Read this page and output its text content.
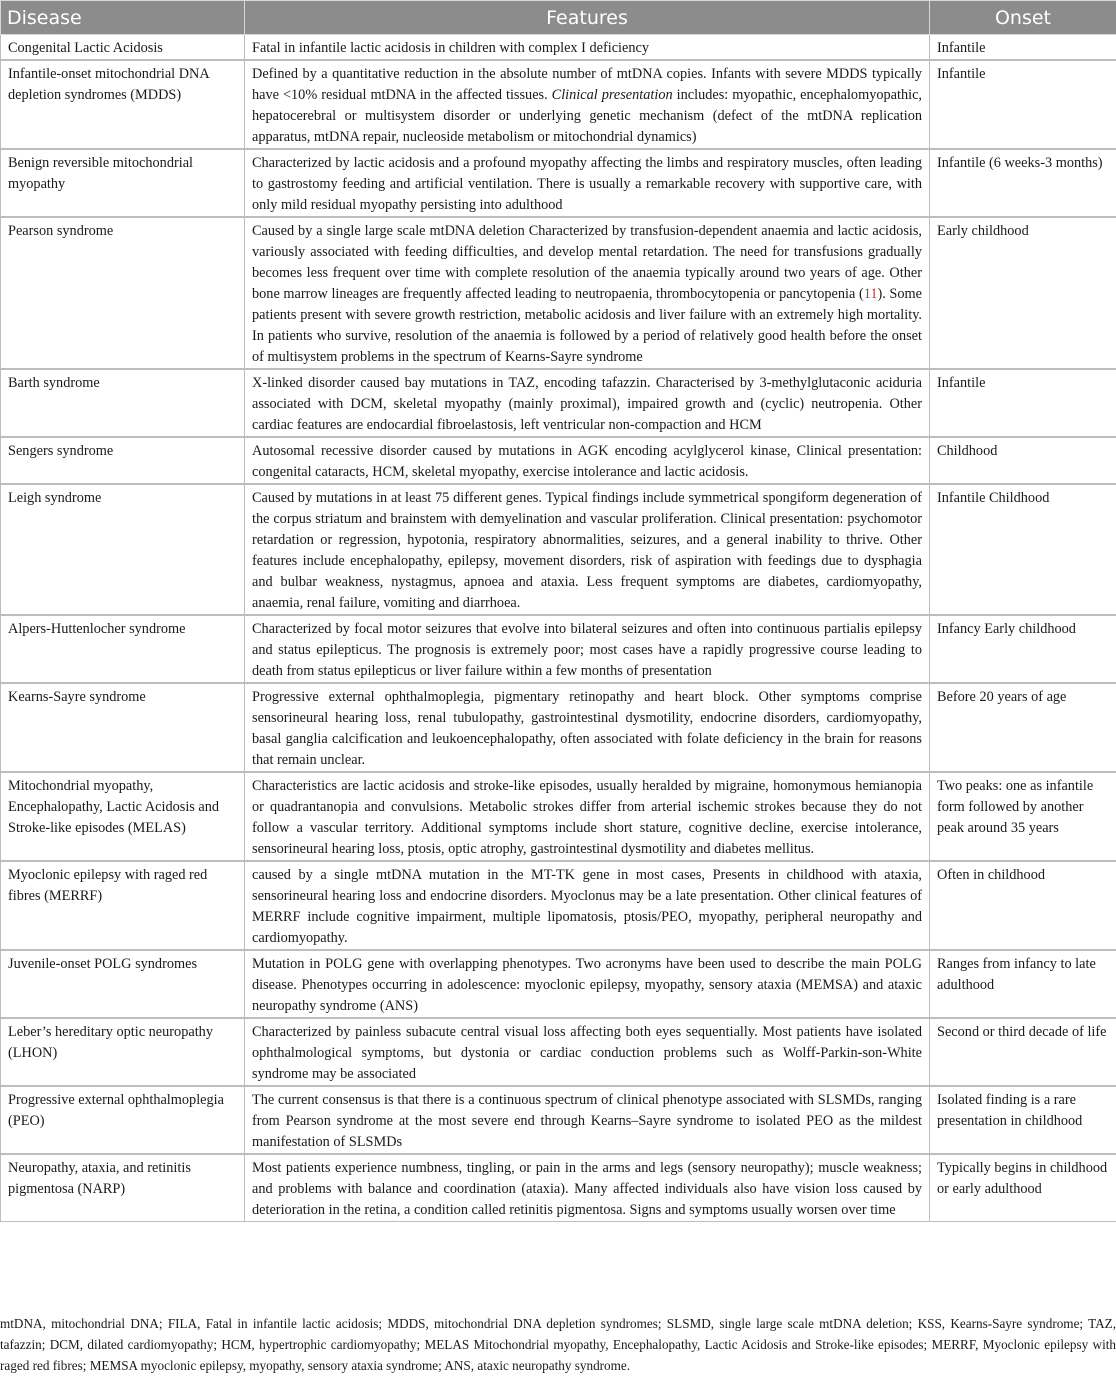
Disease	Features	Onset
Congenital Lactic Acidosis	Fatal in infantile lactic acidosis in children with complex I deficiency	Infantile
Infantile-onset mitochondrial DNA depletion syndromes (MDDS)	Defined by a quantitative reduction in the absolute number of mtDNA copies. Infants with severe MDDS typically have <10% residual mtDNA in the affected tissues. Clinical presentation includes: myopathic, encephalomyopathic, hepatocerebral or multisystem disorder or underlying genetic mechanism (defect of the mtDNA replication apparatus, mtDNA repair, nucleoside metabolism or mitochondrial dynamics)	Infantile
Benign reversible mitochondrial myopathy	Characterized by lactic acidosis and a profound myopathy affecting the limbs and respiratory muscles, often leading to gastrostomy feeding and artificial ventilation. There is usually a remarkable recovery with supportive care, with only mild residual myopathy persisting into adulthood	Infantile (6 weeks-3 months)
Pearson syndrome	Caused by a single large scale mtDNA deletion Characterized by transfusion-dependent anaemia and lactic acidosis, variously associated with feeding difficulties, and develop mental retardation. The need for transfusions gradually becomes less frequent over time with complete resolution of the anaemia typically around two years of age. Other bone marrow lineages are frequently affected leading to neutropaenia, thrombocytopenia or pancytopenia (11). Some patients present with severe growth restriction, metabolic acidosis and liver failure with an extremely high mortality. In patients who survive, resolution of the anaemia is followed by a period of relatively good health before the onset of multisystem problems in the spectrum of Kearns-Sayre syndrome	Early childhood
Barth syndrome	X-linked disorder caused bay mutations in TAZ, encoding tafazzin. Characterised by 3-methylglutaconic aciduria associated with DCM, skeletal myopathy (mainly proximal), impaired growth and (cyclic) neutropenia. Other cardiac features are endocardial fibroelastosis, left ventricular non-compaction and HCM	Infantile
Sengers syndrome	Autosomal recessive disorder caused by mutations in AGK encoding acylglycerol kinase, Clinical presentation: congenital cataracts, HCM, skeletal myopathy, exercise intolerance and lactic acidosis.	Childhood
Leigh syndrome	Caused by mutations in at least 75 different genes. Typical findings include symmetrical spongiform degeneration of the corpus striatum and brainstem with demyelination and vascular proliferation. Clinical presentation: psychomotor retardation or regression, hypotonia, respiratory abnormalities, seizures, and a general inability to thrive. Other features include encephalopathy, epilepsy, movement disorders, risk of aspiration with feedings due to dysphagia and bulbar weakness, nystagmus, apnoea and ataxia. Less frequent symptoms are diabetes, cardiomyopathy, anaemia, renal failure, vomiting and diarrhoea.	Infantile Childhood
Alpers-Huttenlocher syndrome	Characterized by focal motor seizures that evolve into bilateral seizures and often into continuous partialis epilepsy and status epilepticus. The prognosis is extremely poor; most cases have a rapidly progressive course leading to death from status epilepticus or liver failure within a few months of presentation	Infancy Early childhood
Kearns-Sayre syndrome	Progressive external ophthalmoplegia, pigmentary retinopathy and heart block. Other symptoms comprise sensorineural hearing loss, renal tubulopathy, gastrointestinal dysmotility, endocrine disorders, cardiomyopathy, basal ganglia calcification and leukoencephalopathy, often associated with folate deficiency in the brain for reasons that remain unclear.	Before 20 years of age
Mitochondrial myopathy, Encephalopathy, Lactic Acidosis and Stroke-like episodes (MELAS)	Characteristics are lactic acidosis and stroke-like episodes, usually heralded by migraine, homonymous hemianopia or quadrantanopia and convulsions. Metabolic strokes differ from arterial ischemic strokes because they do not follow a vascular territory. Additional symptoms include short stature, cognitive decline, exercise intolerance, sensorineural hearing loss, ptosis, optic atrophy, gastrointestinal dysmotility and diabetes mellitus.	Two peaks: one as infantile form followed by another peak around 35 years
Myoclonic epilepsy with raged red fibres (MERRF)	caused by a single mtDNA mutation in the MT-TK gene in most cases, Presents in childhood with ataxia, sensorineural hearing loss and endocrine disorders. Myoclonus may be a late presentation. Other clinical features of MERRF include cognitive impairment, multiple lipomatosis, ptosis/PEO, myopathy, peripheral neuropathy and cardiomyopathy.	Often in childhood
Juvenile-onset POLG syndromes	Mutation in POLG gene with overlapping phenotypes. Two acronyms have been used to describe the main POLG disease. Phenotypes occurring in adolescence: myoclonic epilepsy, myopathy, sensory ataxia (MEMSA) and ataxic neuropathy syndrome (ANS)	Ranges from infancy to late adulthood
Leber’s hereditary optic neuropathy (LHON)	Characterized by painless subacute central visual loss affecting both eyes sequentially. Most patients have isolated ophthalmological symptoms, but dystonia or cardiac conduction problems such as Wolff-Parkin-son-White syndrome may be associated	Second or third decade of life
Progressive external ophthalmoplegia (PEO)	The current consensus is that there is a continuous spectrum of clinical phenotype associated with SLSMDs, ranging from Pearson syndrome at the most severe end through Kearns–Sayre syndrome to isolated PEO as the mildest manifestation of SLSMDs	Isolated finding is a rare presentation in childhood
Neuropathy, ataxia, and retinitis pigmentosa (NARP)	Most patients experience numbness, tingling, or pain in the arms and legs (sensory neuropathy); muscle weakness; and problems with balance and coordination (ataxia). Many affected individuals also have vision loss caused by deterioration in the retina, a condition called retinitis pigmentosa. Signs and symptoms usually worsen over time	Typically begins in childhood or early adulthood
mtDNA, mitochondrial DNA; FILA, Fatal in infantile lactic acidosis; MDDS, mitochondrial DNA depletion syndromes; SLSMD, single large scale mtDNA deletion; KSS, Kearns-Sayre syndrome; TAZ, tafazzin; DCM, dilated cardiomyopathy; HCM, hypertrophic cardiomyopathy; MELAS Mitochondrial myopathy, Encephalopathy, Lactic Acidosis and Stroke-like episodes; MERRF, Myoclonic epilepsy with raged red fibres; MEMSA myoclonic epilepsy, myopathy, sensory ataxia syndrome; ANS, ataxic neuropathy syndrome.
